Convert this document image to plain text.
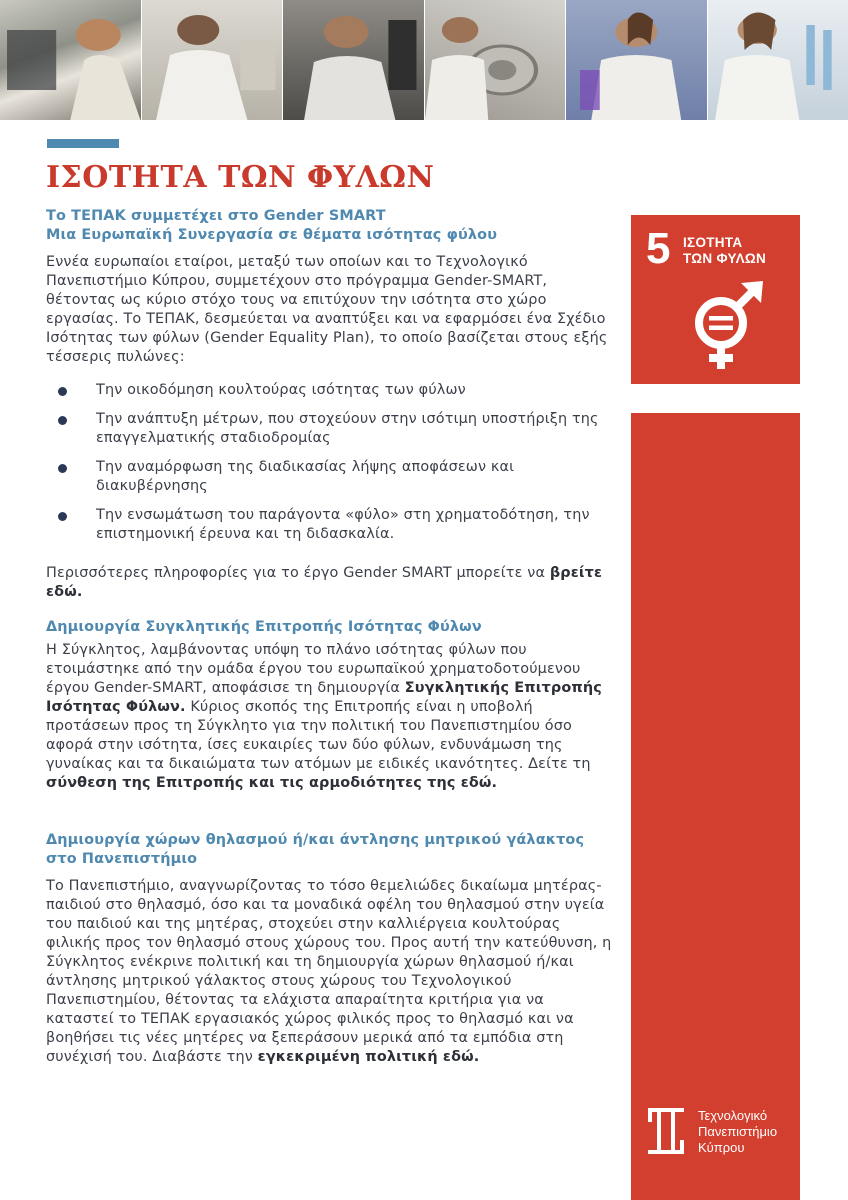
ΙΣΟΤΗΤΑ ΤΩΝ ΦΥΛΩΝ

Το ΤΕΠΑΚ συμμετέχει στο Gender SMART
Μια Ευρωπαϊκή Συνεργασία σε θέματα ισότητας φύλου

Εννέα ευρωπαίοι εταίροι, μεταξύ των οποίων και το Τεχνολογικό Πανεπιστήμιο Κύπρου, συμμετέχουν στο πρόγραμμα Gender-SMART, θέτοντας ως κύριο στόχο τους να επιτύχουν την ισότητα στο χώρο εργασίας. Το ΤΕΠΑΚ, δεσμεύεται να αναπτύξει και να εφαρμόσει ένα Σχέδιο Ισότητας των φύλων (Gender Equality Plan), το οποίο βασίζεται στους εξής τέσσερις πυλώνες:

Την οικοδόμηση κουλτούρας ισότητας των φύλων
Την ανάπτυξη μέτρων, που στοχεύουν στην ισότιμη υποστήριξη της επαγγελματικής σταδιοδρομίας
Την αναμόρφωση της διαδικασίας λήψης αποφάσεων και διακυβέρνησης
Την ενσωμάτωση του παράγοντα «φύλο» στη χρηματοδότηση, την επιστημονική έρευνα και τη διδασκαλία.

Περισσότερες πληροφορίες για το έργο Gender SMART μπορείτε να βρείτε εδώ.

Δημιουργία Συγκλητικής Επιτροπής Ισότητας Φύλων

Η Σύγκλητος, λαμβάνοντας υπόψη το πλάνο ισότητας φύλων που ετοιμάστηκε από την ομάδα έργου του ευρωπαϊκού χρηματοδοτούμενου έργου Gender-SMART, αποφάσισε τη δημιουργία Συγκλητικής Επιτροπής Ισότητας Φύλων. Κύριος σκοπός της Επιτροπής είναι η υποβολή προτάσεων προς τη Σύγκλητο για την πολιτική του Πανεπιστημίου όσο αφορά στην ισότητα, ίσες ευκαιρίες των δύο φύλων, ενδυνάμωση της γυναίκας και τα δικαιώματα των ατόμων με ειδικές ικανότητες. Δείτε τη σύνθεση της Επιτροπής και τις αρμοδιότητες της εδώ.

Δημιουργία χώρων θηλασμού ή/και άντλησης μητρικού γάλακτος
στο Πανεπιστήμιο

Το Πανεπιστήμιο, αναγνωρίζοντας το τόσο θεμελιώδες δικαίωμα μητέρας-παιδιού στο θηλασμό, όσο και τα μοναδικά οφέλη του θηλασμού στην υγεία του παιδιού και της μητέρας, στοχεύει στην καλλιέργεια κουλτούρας φιλικής προς τον θηλασμό στους χώρους του. Προς αυτή την κατεύθυνση, η Σύγκλητος ενέκρινε πολιτική και τη δημιουργία χώρων θηλασμού ή/και άντλησης μητρικού γάλακτος στους χώρους του Τεχνολογικού Πανεπιστημίου, θέτοντας τα ελάχιστα απαραίτητα κριτήρια για να καταστεί το ΤΕΠΑΚ εργασιακός χώρος φιλικός προς το θηλασμό και να βοηθήσει τις νέες μητέρες να ξεπεράσουν μερικά από τα εμπόδια στη συνέχισή του. Διαβάστε την εγκεκριμένη πολιτική εδώ.

5 ΙΣΟΤΗΤΑ
ΤΩΝ ΦΥΛΩΝ
Τεχνολογικό
Πανεπιστήμιο
Κύπρου
